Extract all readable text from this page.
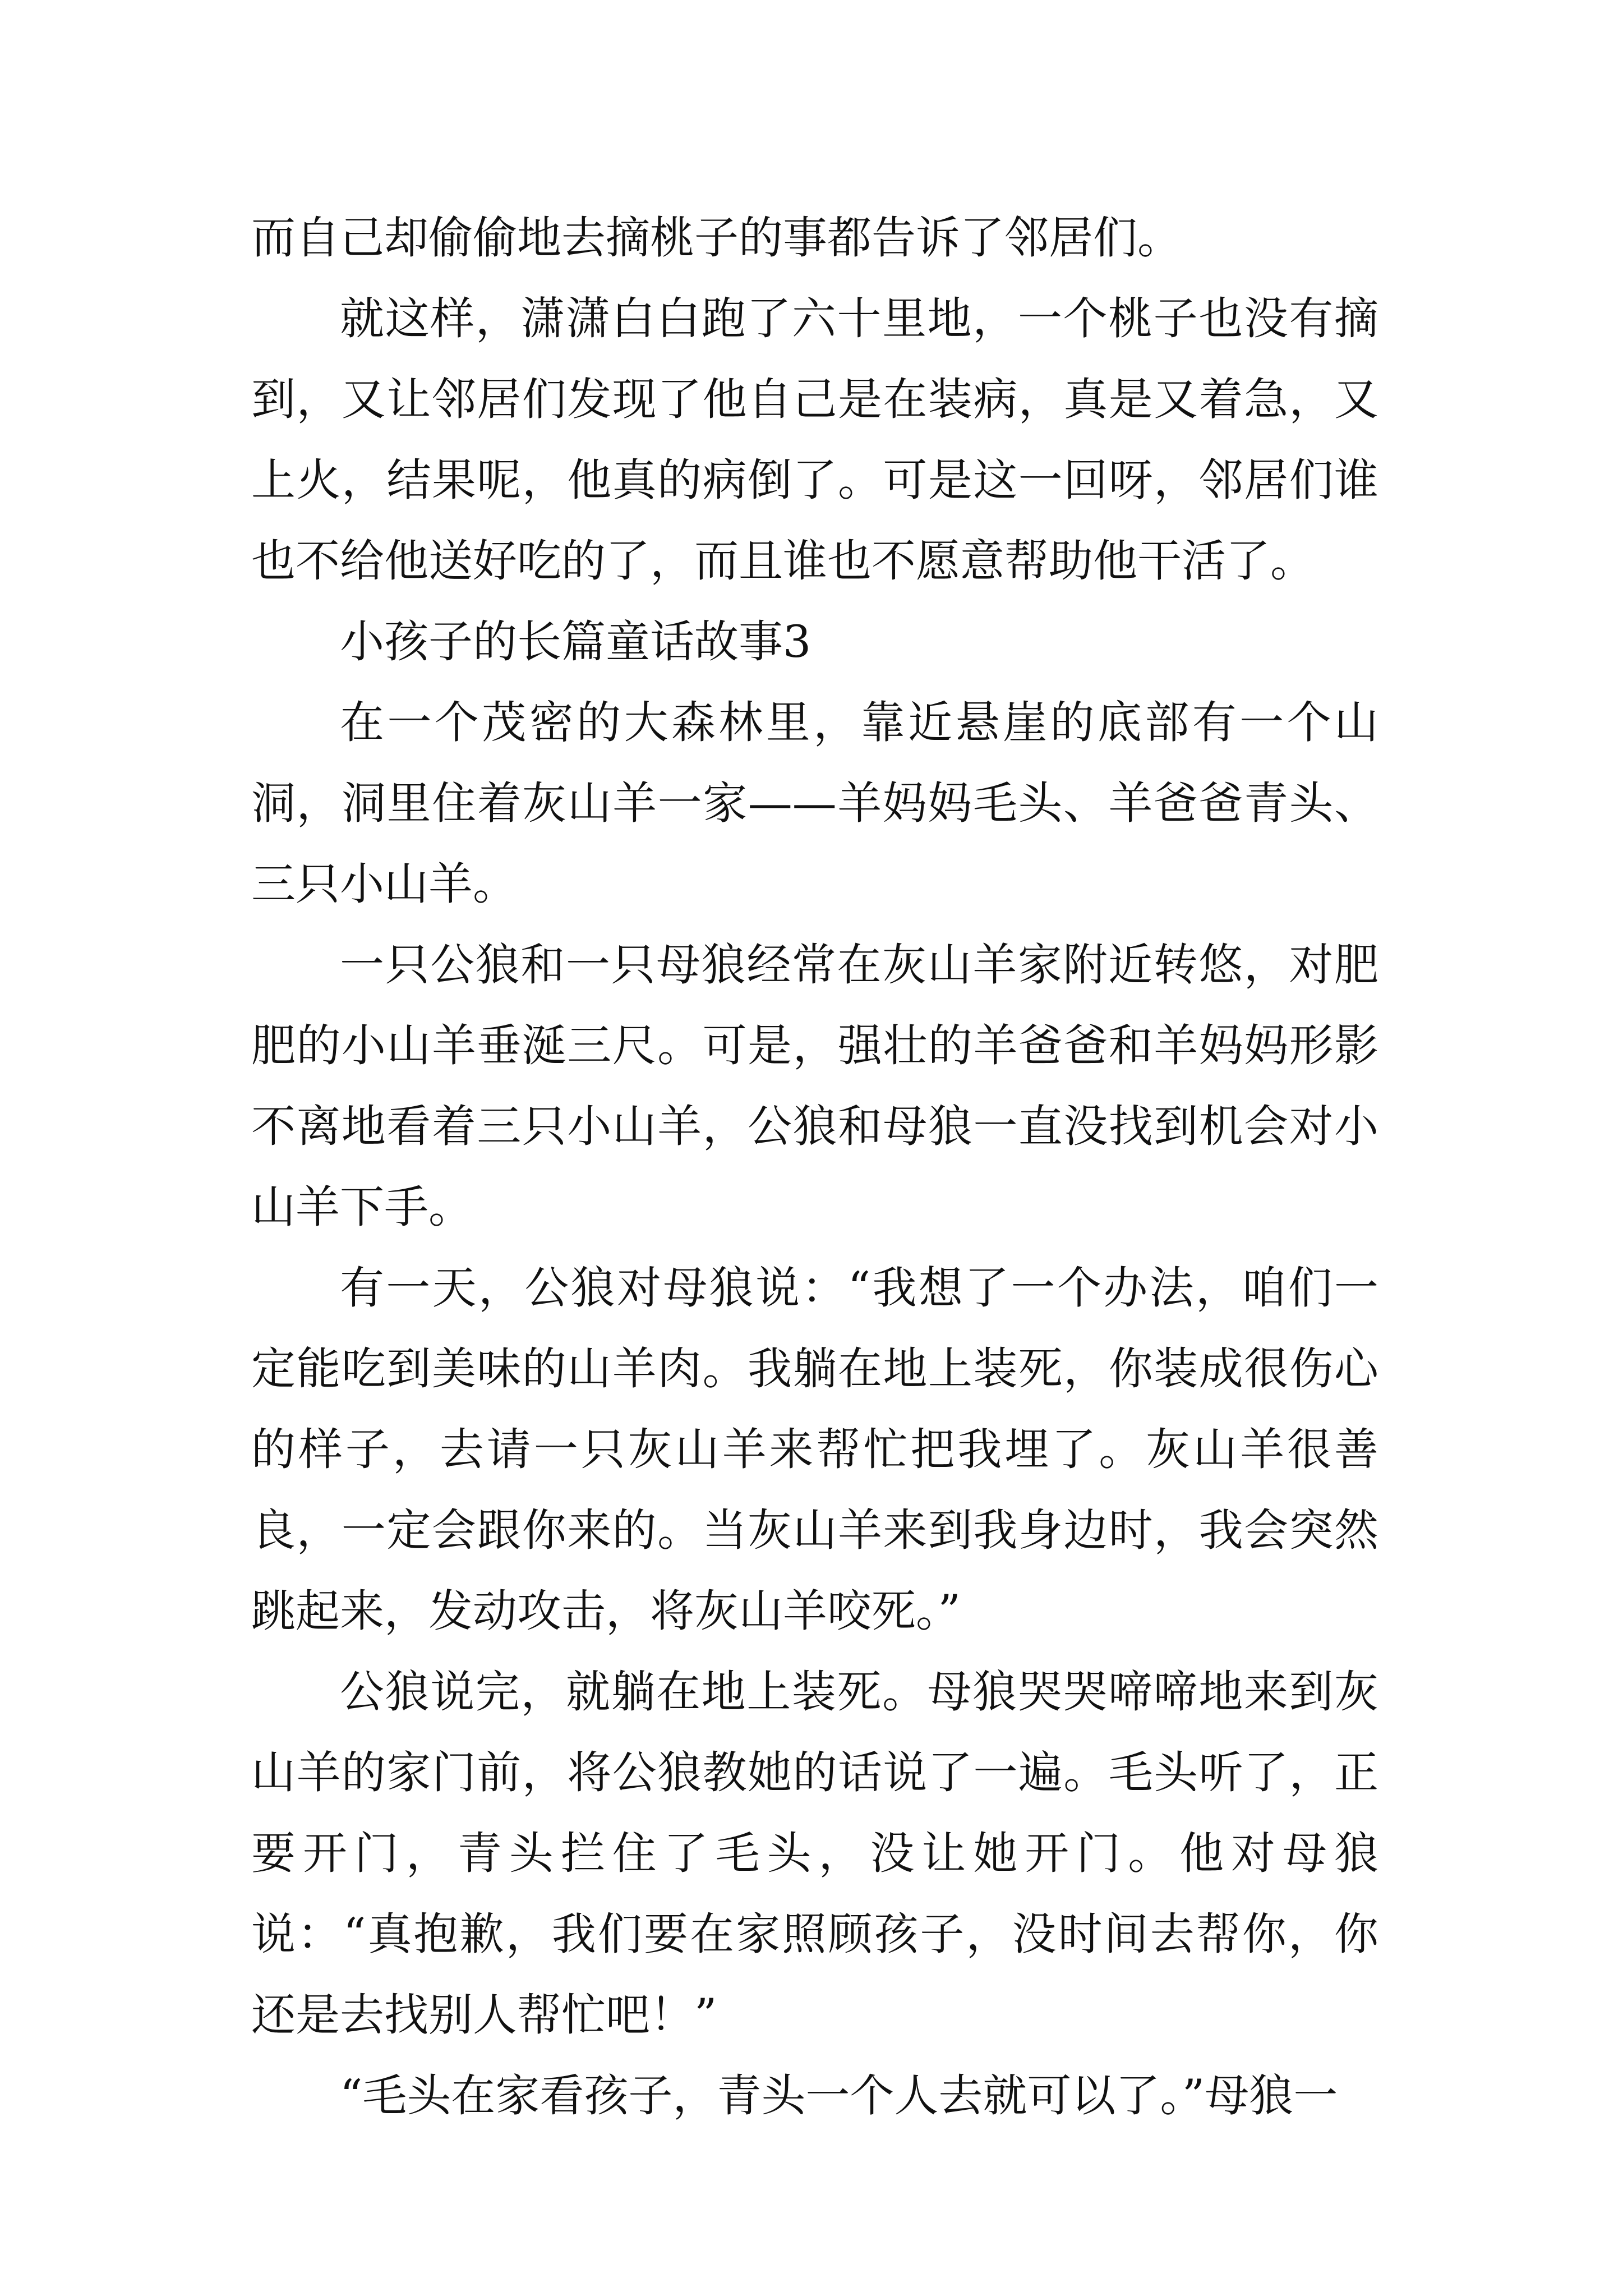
而自己却偷偷地去摘桃子的事都告诉了邻居们。

就这样，潇潇白白跑了六十里地，一个桃子也没有摘到，又让邻居们发现了他自己是在装病，真是又着急，又上火，结果呢，他真的病倒了。可是这一回呀，邻居们谁也不给他送好吃的了，而且谁也不愿意帮助他干活了。

小孩子的长篇童话故事3

在一个茂密的大森林里，靠近悬崖的底部有一个山洞，洞里住着灰山羊一家——羊妈妈毛头、羊爸爸青头、三只小山羊。

一只公狼和一只母狼经常在灰山羊家附近转悠，对肥肥的小山羊垂涎三尺。可是，强壮的羊爸爸和羊妈妈形影不离地看着三只小山羊，公狼和母狼一直没找到机会对小山羊下手。

有一天，公狼对母狼说：“我想了一个办法，咱们一定能吃到美味的山羊肉。我躺在地上装死，你装成很伤心的样子，去请一只灰山羊来帮忙把我埋了。灰山羊很善良，一定会跟你来的。当灰山羊来到我身边时，我会突然跳起来，发动攻击，将灰山羊咬死。”

公狼说完，就躺在地上装死。母狼哭哭啼啼地来到灰山羊的家门前，将公狼教她的话说了一遍。毛头听了，正要开门，青头拦住了毛头，没让她开门。他对母狼说：“真抱歉，我们要在家照顾孩子，没时间去帮你，你还是去找别人帮忙吧！”

“毛头在家看孩子，青头一个人去就可以了。”母狼一
